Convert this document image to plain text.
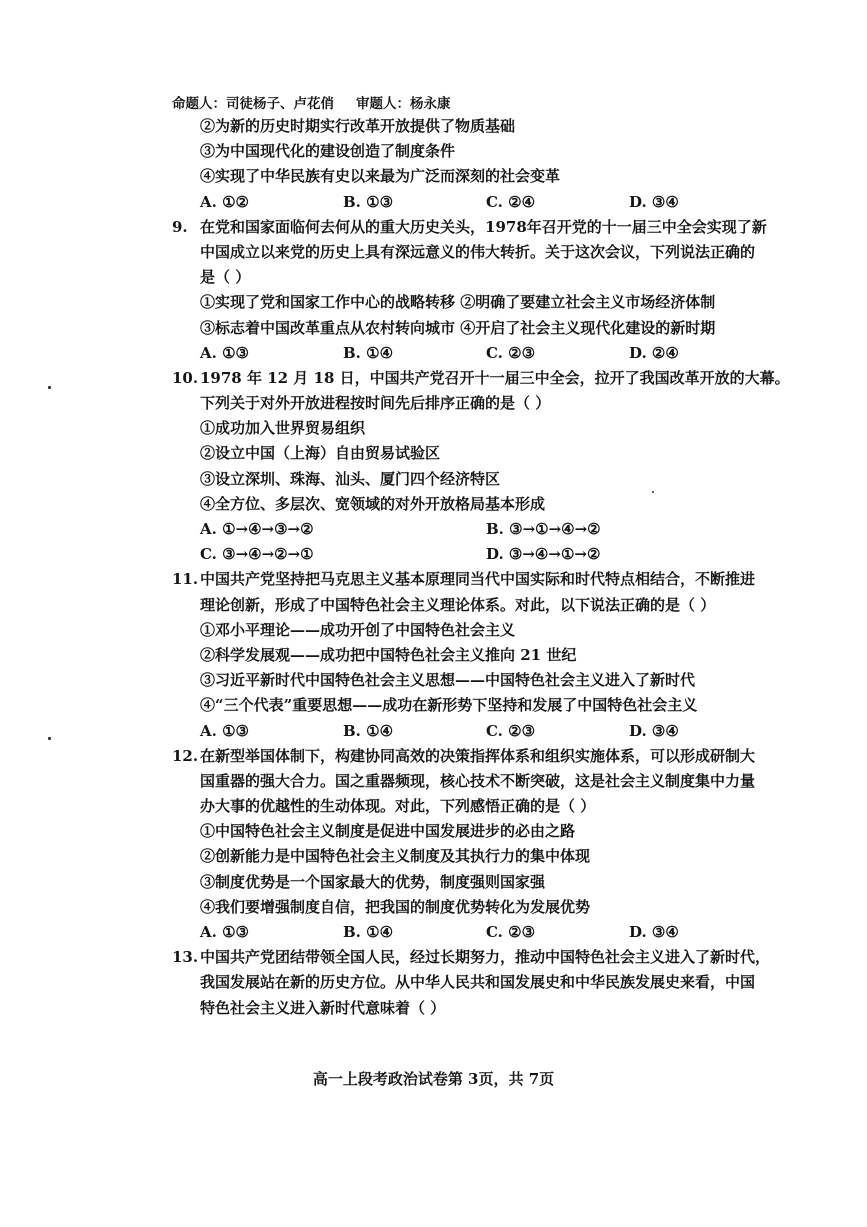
命题人：司徒杨子、卢花俏 审题人：杨永康
②为新的历史时期实行改革开放提供了物质基础
③为中国现代化的建设创造了制度条件
④实现了中华民族有史以来最为广泛而深刻的社会变革
A. ①②	B. ①③	C. ②④	D. ③④
9. 在党和国家面临何去何从的重大历史关头，1978年召开党的十一届三中全会实现了新
中国成立以来党的历史上具有深远意义的伟大转折。关于这次会议，下列说法正确的
是（ ）
①实现了党和国家工作中心的战略转移 ②明确了要建立社会主义市场经济体制
③标志着中国改革重点从农村转向城市 ④开启了社会主义现代化建设的新时期
A. ①③	B. ①④	C. ②③	D. ②④
10. 1978 年 12 月 18 日，中国共产党召开十一届三中全会，拉开了我国改革开放的大幕。
下列关于对外开放进程按时间先后排序正确的是（ ）
①成功加入世界贸易组织
②设立中国（上海）自由贸易试验区
③设立深圳、珠海、汕头、厦门四个经济特区
④全方位、多层次、宽领域的对外开放格局基本形成
A. ①→④→③→②	B. ③→①→④→②
C. ③→④→②→①	D. ③→④→①→②
11. 中国共产党坚持把马克思主义基本原理同当代中国实际和时代特点相结合，不断推进
理论创新，形成了中国特色社会主义理论体系。对此，以下说法正确的是（ ）
①邓小平理论——成功开创了中国特色社会主义
②科学发展观——成功把中国特色社会主义推向 21 世纪
③习近平新时代中国特色社会主义思想——中国特色社会主义进入了新时代
④“三个代表”重要思想——成功在新形势下坚持和发展了中国特色社会主义
A. ①③	B. ①④	C. ②③	D. ③④
12. 在新型举国体制下，构建协同高效的决策指挥体系和组织实施体系，可以形成研制大
国重器的强大合力。国之重器频现，核心技术不断突破，这是社会主义制度集中力量
办大事的优越性的生动体现。对此，下列感悟正确的是（ ）
①中国特色社会主义制度是促进中国发展进步的必由之路
②创新能力是中国特色社会主义制度及其执行力的集中体现
③制度优势是一个国家最大的优势，制度强则国家强
④我们要增强制度自信，把我国的制度优势转化为发展优势
A. ①③	B. ①④	C. ②③	D. ③④
13. 中国共产党团结带领全国人民，经过长期努力，推动中国特色社会主义进入了新时代，
我国发展站在新的历史方位。从中华人民共和国发展史和中华民族发展史来看，中国
特色社会主义进入新时代意味着（ ）
高一上段考政治试卷第 3页，共 7页
